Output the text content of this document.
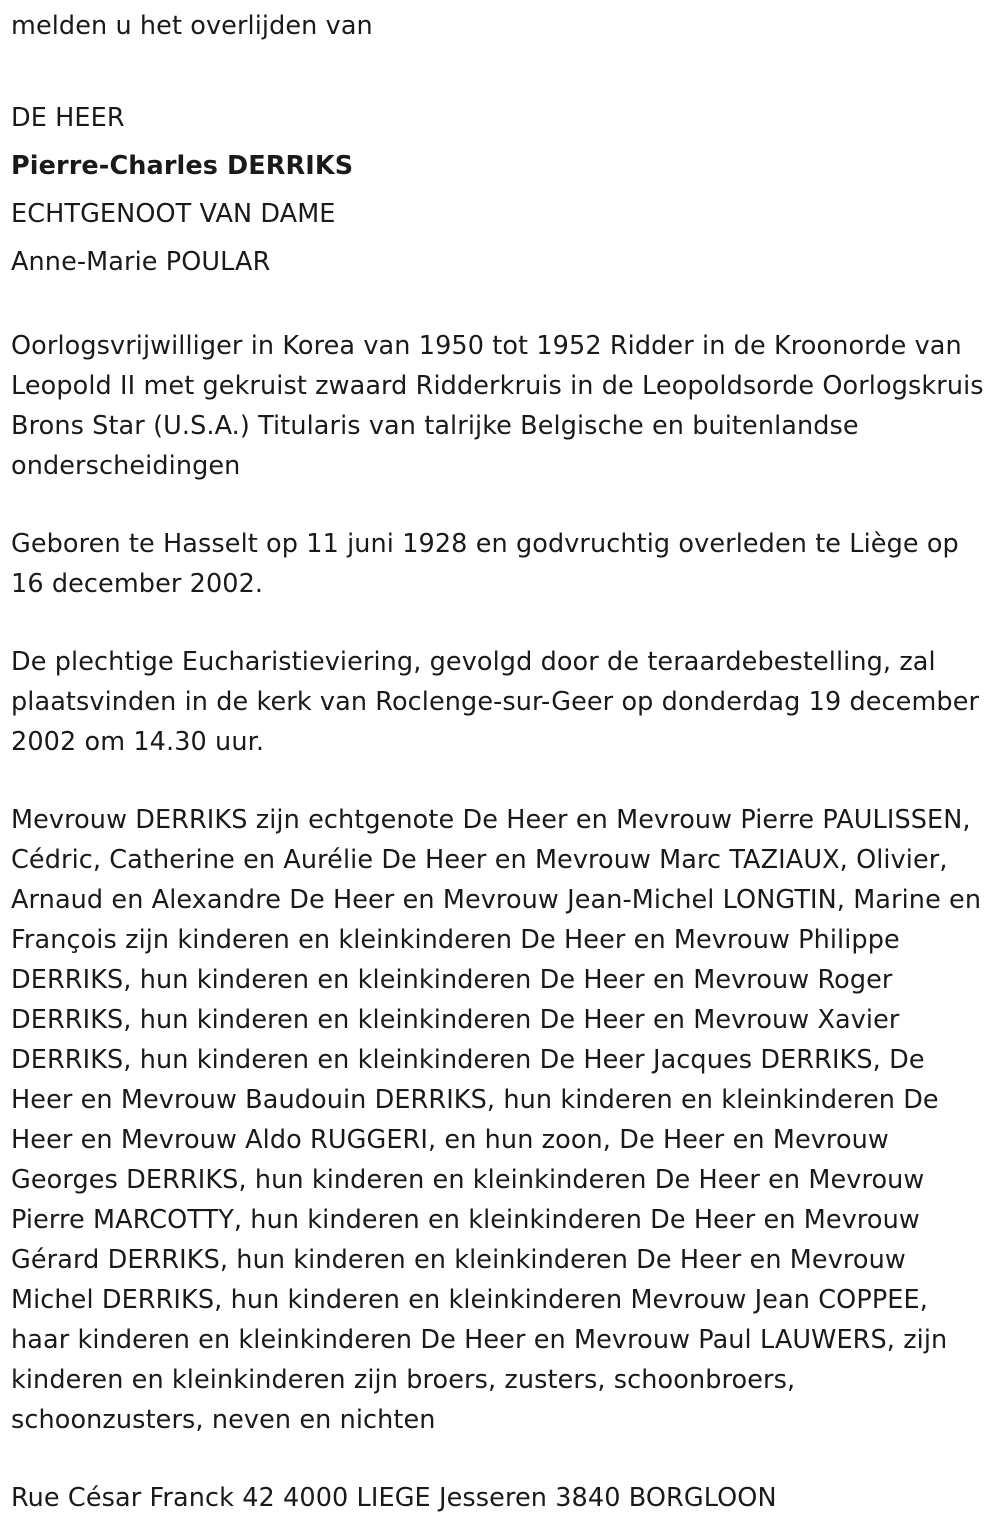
melden u het overlijden van

DE HEER

Pierre-Charles DERRIKS

ECHTGENOOT VAN DAME

Anne-Marie POULAR

Oorlogsvrijwilliger in Korea van 1950 tot 1952 Ridder in de Kroonorde van Leopold II met gekruist zwaard Ridderkruis in de Leopoldsorde Oorlogskruis Brons Star (U.S.A.) Titularis van talrijke Belgische en buitenlandse onderscheidingen

Geboren te Hasselt op 11 juni 1928 en godvruchtig overleden te Liège op 16 december 2002.

De plechtige Eucharistieviering, gevolgd door de teraardebestelling, zal plaatsvinden in de kerk van Roclenge-sur-Geer op donderdag 19 december 2002 om 14.30 uur.

Mevrouw DERRIKS zijn echtgenote De Heer en Mevrouw Pierre PAULISSEN, Cédric, Catherine en Aurélie De Heer en Mevrouw Marc TAZIAUX, Olivier, Arnaud en Alexandre De Heer en Mevrouw Jean-Michel LONGTIN, Marine en François zijn kinderen en kleinkinderen De Heer en Mevrouw Philippe DERRIKS, hun kinderen en kleinkinderen De Heer en Mevrouw Roger DERRIKS, hun kinderen en kleinkinderen De Heer en Mevrouw Xavier DERRIKS, hun kinderen en kleinkinderen De Heer Jacques DERRIKS, De Heer en Mevrouw Baudouin DERRIKS, hun kinderen en kleinkinderen De Heer en Mevrouw Aldo RUGGERI, en hun zoon, De Heer en Mevrouw Georges DERRIKS, hun kinderen en kleinkinderen De Heer en Mevrouw Pierre MARCOTTY, hun kinderen en kleinkinderen De Heer en Mevrouw Gérard DERRIKS, hun kinderen en kleinkinderen De Heer en Mevrouw Michel DERRIKS, hun kinderen en kleinkinderen Mevrouw Jean COPPEE, haar kinderen en kleinkinderen De Heer en Mevrouw Paul LAUWERS, zijn kinderen en kleinkinderen zijn broers, zusters, schoonbroers, schoonzusters, neven en nichten

Rue César Franck 42 4000 LIEGE Jesseren 3840 BORGLOON
